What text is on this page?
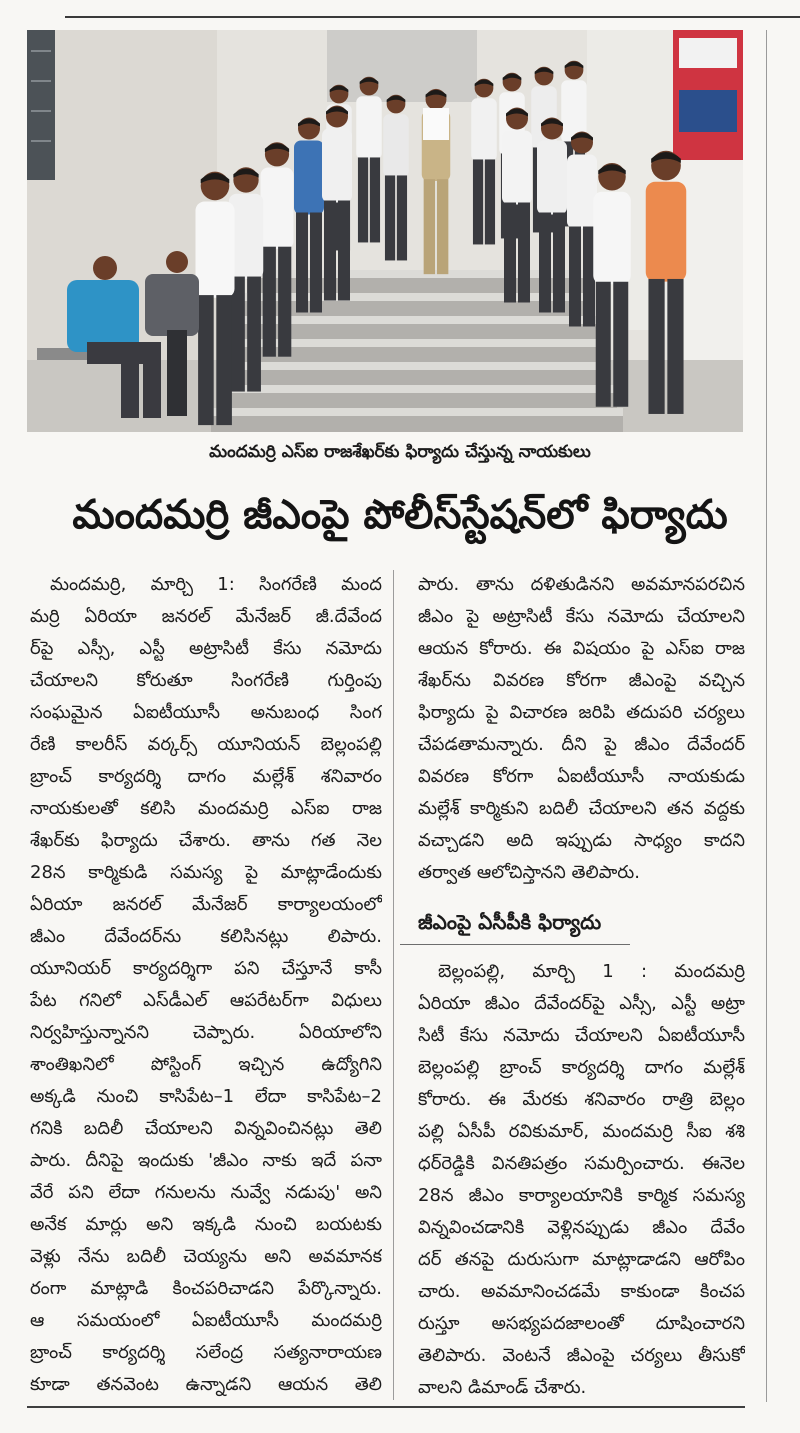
మందమర్రి ఎస్ఐ రాజశేఖర్‌కు ఫిర్యాదు చేస్తున్న నాయకులు
మందమర్రి జీఎంపై పోలీస్‌స్టేషన్‌లో ఫిర్యాదు
మందమర్రి, మార్చి 1: సింగరేణి మంద
మర్రి ఏరియా జనరల్ మేనేజర్ జీ.దేవేంద
ర్‌పై ఎస్సీ, ఎస్టీ అట్రాసిటీ కేసు నమోదు
చేయాలని కోరుతూ సింగరేణి గుర్తింపు
సంఘమైన ఏఐటీయూసీ అనుబంధ సింగ
రేణి కాలరీస్ వర్కర్స్ యూనియన్ బెల్లంపల్లి
బ్రాంచ్ కార్యదర్శి దాగం మల్లేశ్ శనివారం
నాయకులతో కలిసి మందమర్రి ఎస్ఐ రాజ
శేఖర్‌కు ఫిర్యాదు చేశారు. తాను గత నెల
28న కార్మికుడి సమస్య పై మాట్లాడేందుకు
ఏరియా జనరల్ మేనేజర్ కార్యాలయంలో
జీఎం దేవేందర్‌ను కలిసినట్లు లిపారు.
యూనియర్ కార్యదర్శిగా పని చేస్తూనే కాసీ
పేట గనిలో ఎస్‌డీఎల్ ఆపరేటర్‌గా విధులు
నిర్వహిస్తున్నానని చెప్పారు. ఏరియాలోని
శాంతిఖనిలో పోస్టింగ్ ఇచ్చిన ఉద్యోగిని
అక్కడి నుంచి కాసిపేట–1 లేదా కాసిపేట–2
గనికి బదిలీ చేయాలని విన్నవించినట్లు తెలి
పారు. దీనిపై ఇందుకు 'జీఎం నాకు ఇదే పనా
వేరే పని లేదా గనులను నువ్వే నడుపు' అని
అనేక మార్లు అని ఇక్కడి నుంచి బయటకు
వెళ్లు నేను బదిలీ చెయ్యను అని అవమానక
రంగా మాట్లాడి కించపరిచాడని పేర్కొన్నారు.
ఆ సమయంలో ఏఐటీయూసీ మందమర్రి
బ్రాంచ్ కార్యదర్శి సలేంద్ర సత్యనారాయణ
కూడా తనవెంట ఉన్నాడని ఆయన తెలి
పారు. తాను దళితుడినని అవమానపరచిన
జీఎం పై అట్రాసిటీ కేసు నమోదు చేయాలని
ఆయన కోరారు. ఈ విషయం పై ఎస్ఐ రాజ
శేఖర్‌ను వివరణ కోరగా జీఎంపై వచ్చిన
ఫిర్యాదు పై విచారణ జరిపి తదుపరి చర్యలు
చేపడతామన్నారు. దీని పై జీఎం దేవేందర్
వివరణ కోరగా ఏఐటీయూసీ నాయకుడు
మల్లేశ్ కార్మికుని బదిలీ చేయాలని తన వద్దకు
వచ్చాడని అది ఇప్పుడు సాధ్యం కాదని
తర్వాత ఆలోచిస్తానని తెలిపారు.
జీఎంపై ఏసీపీకి ఫిర్యాదు
బెల్లంపల్లి, మార్చి 1 : మందమర్రి
ఏరియా జీఎం దేవేందర్‌పై ఎస్సీ, ఎస్టీ అట్రా
సిటీ కేసు నమోదు చేయాలని ఏఐటీయూసీ
బెల్లంపల్లి బ్రాంచ్ కార్యదర్శి దాగం మల్లేశ్
కోరారు. ఈ మేరకు శనివారం రాత్రి బెల్లం
పల్లి ఏసీపీ రవికుమార్, మందమర్రి సీఐ శశి
ధర్‌రెడ్డికి వినతిపత్రం సమర్పించారు. ఈనెల
28న జీఎం కార్యాలయానికి కార్మిక సమస్య
విన్నవించడానికి వెళ్లినప్పుడు జీఎం దేవేం
దర్ తనపై దురుసుగా మాట్లాడాడని ఆరోపిం
చారు. అవమానించడమే కాకుండా కించప
రుస్తూ అసభ్యపదజాలంతో దూషించారని
తెలిపారు. వెంటనే జీఎంపై చర్యలు తీసుకో
వాలని డిమాండ్ చేశారు.
